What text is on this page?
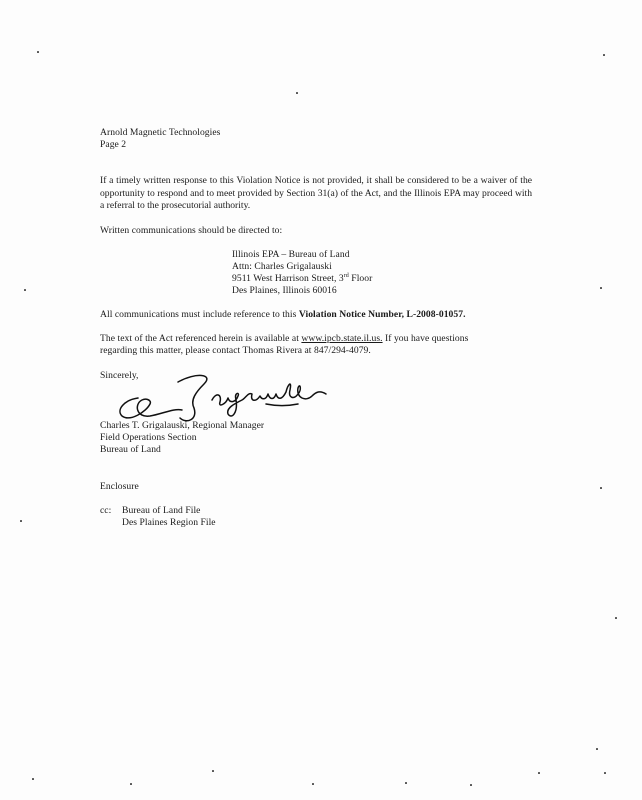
Arnold Magnetic Technologies
Page 2
If a timely written response to this Violation Notice is not provided, it shall be considered to be a waiver of the opportunity to respond and to meet provided by Section 31(a) of the Act, and the Illinois EPA may proceed with a referral to the prosecutorial authority.
Written communications should be directed to:
Illinois EPA – Bureau of Land
Attn: Charles Grigalauski
9511 West Harrison Street, 3rd Floor
Des Plaines, Illinois 60016
All communications must include reference to this Violation Notice Number, L-2008-01057.
The text of the Act referenced herein is available at www.ipcb.state.il.us. If you have questions
regarding this matter, please contact Thomas Rivera at 847/294-4079.
Sincerely,
Charles T. Grigalauski, Regional Manager
Field Operations Section
Bureau of Land
Enclosure
cc: Bureau of Land File
Des Plaines Region File
